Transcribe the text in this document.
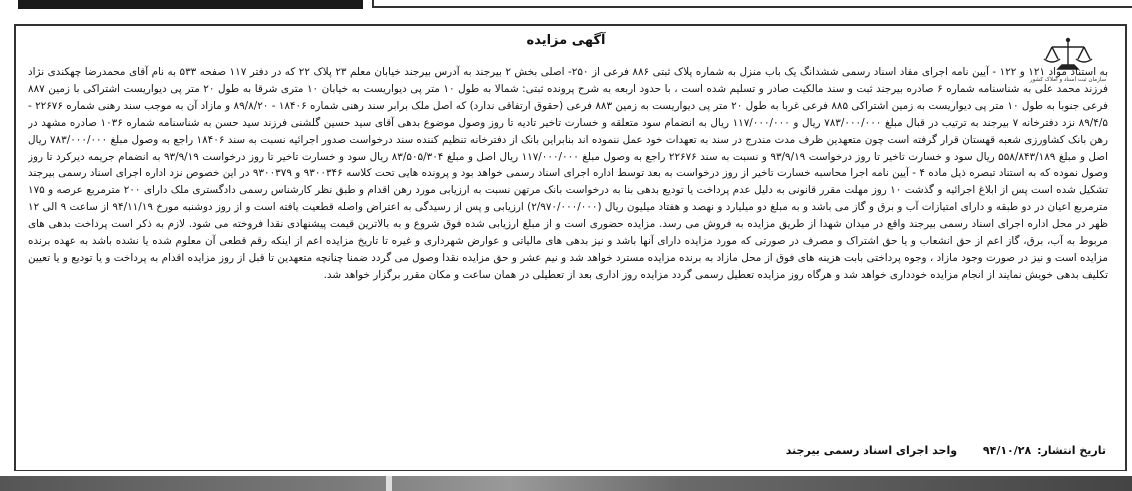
سازمان ثبت اسناد و املاک کشور
آگهی مزایده

به استناد مواد ۱۲۱ و ۱۲۲ - آیین نامه اجرای مفاد اسناد رسمی ششدانگ یک باب منزل به شماره پلاک ثبتی ۸۸۶ فرعی از ۲۵۰- اصلی بخش ۲ بیرجند به آدرس بیرجند خیابان معلم ۲۳ پلاک ۲۲ که در دفتر ۱۱۷ صفحه ۵۳۳ به نام آقای محمدرضا چهکندی نژاد فرزند محمد علی به شناسنامه شماره ۶ صادره بیرجند ثبت و سند مالکیت صادر و تسلیم شده است ، با حدود اربعه به شرح پرونده ثبتی: شمالا به طول ۱۰ متر پی دیواریست به خیابان ۱۰ متری شرقا به طول ۲۰ متر پی دیواریست اشتراکی با زمین ۸۸۷ فرعی جنوبا به طول ۱۰ متر پی دیواریست به زمین اشتراکی ۸۸۵ فرعی غربا به طول ۲۰ متر پی دیواریست به زمین ۸۸۳ فرعی (حقوق ارتفاقی ندارد) که اصل ملک برابر سند رهنی شماره ۱۸۴۰۶ - ۸۹/۸/۲۰ و مازاد آن به موجب سند رهنی شماره ۲۲۶۷۶ - ۸۹/۴/۵ نزد دفترخانه ۷ بیرجند به ترتیب در قبال مبلغ ۷۸۳/۰۰۰/۰۰۰ ریال و ۱۱۷/۰۰۰/۰۰۰ ریال به انضمام سود متعلقه و خسارت تاخیر تادیه تا روز وصول موضوع بدهی آقای سید حسین گلشنی فرزند سید حسن به شناسنامه شماره ۱۰۳۶ صادره مشهد در رهن بانک کشاورزی شعبه قهستان قرار گرفته است چون متعهدین ظرف مدت مندرج در سند به تعهدات خود عمل ننموده اند بنابراین بانک از دفترخانه تنظیم کننده سند درخواست صدور اجرائیه نسبت به سند ۱۸۴۰۶ راجع به وصول مبلغ ۷۸۳/۰۰۰/۰۰۰ ریال اصل و مبلغ ۵۵۸/۸۴۳/۱۸۹ ریال سود و خسارت تاخیر تا روز درخواست ۹۳/۹/۱۹ و نسبت به سند ۲۲۶۷۶ راجع به وصول مبلغ ۱۱۷/۰۰۰/۰۰۰ ریال اصل و مبلغ ۸۳/۵۰۵/۳۰۴ ریال سود و خسارت تاخیر تا روز درخواست ۹۳/۹/۱۹ به انضمام جریمه دیرکرد تا روز وصول نموده که به استناد تبصره ذیل ماده ۴ - آیین نامه اجرا محاسبه خسارت تاخیر از روز درخواست به بعد توسط اداره اجرای اسناد رسمی خواهد بود و پرونده هایی تحت کلاسه ۹۳۰۰۳۴۶ و ۹۳۰۰۳۷۹ در این خصوص نزد اداره اجرای اسناد رسمی بیرجند تشکیل شده است پس از ابلاغ اجرائیه و گذشت ۱۰ روز مهلت مقرر قانونی به دلیل عدم پرداخت یا تودیع بدهی بنا به درخواست بانک مرتهن نسبت به ارزیابی مورد رهن اقدام و طبق نظر کارشناس رسمی دادگستری ملک دارای ۲۰۰ مترمربع عرصه و ۱۷۵ مترمربع اعیان در دو طبقه و دارای امتیازات آب و برق و گاز می باشد و به مبلغ دو میلیارد و نهصد و هفتاد میلیون ریال (۲/۹۷۰/۰۰۰/۰۰۰) ارزیابی و پس از رسیدگی به اعتراض واصله قطعیت یافته است و از روز دوشنبه مورخ ۹۴/۱۱/۱۹ از ساعت ۹ الی ۱۲ ظهر در محل اداره اجرای اسناد رسمی بیرجند واقع در میدان شهدا از طریق مزایده به فروش می رسد. مزایده حضوری است و از مبلغ ارزیابی شده فوق شروع و به بالاترین قیمت پیشنهادی نقدا فروخته می شود. لازم به ذکر است پرداخت بدهی های مربوط به آب، برق، گاز اعم از حق انشعاب و یا حق اشتراک و مصرف در صورتی که مورد مزایده دارای آنها باشد و نیز بدهی های مالیاتی و عوارض شهرداری و غیره تا تاریخ مزایده اعم از اینکه رقم قطعی آن معلوم شده یا نشده باشد به عهده برنده مزایده است و نیز در صورت وجود مازاد ، وجوه پرداختی بابت هزینه های فوق از محل مازاد به برنده مزایده مسترد خواهد شد و نیم عشر و حق مزایده نقدا وصول می گردد ضمنا چنانچه متعهدین تا قبل از روز مزایده اقدام به پرداخت و یا تودیع و یا تعیین تکلیف بدهی خویش نمایند از انجام مزایده خودداری خواهد شد و هرگاه روز مزایده تعطیل رسمی گردد مزایده روز اداری بعد از تعطیلی در همان ساعت و مکان مقرر برگزار خواهد شد.

تاریخ انتشار: ۹۴/۱۰/۲۸ واحد اجرای اسناد رسمی بیرجند
